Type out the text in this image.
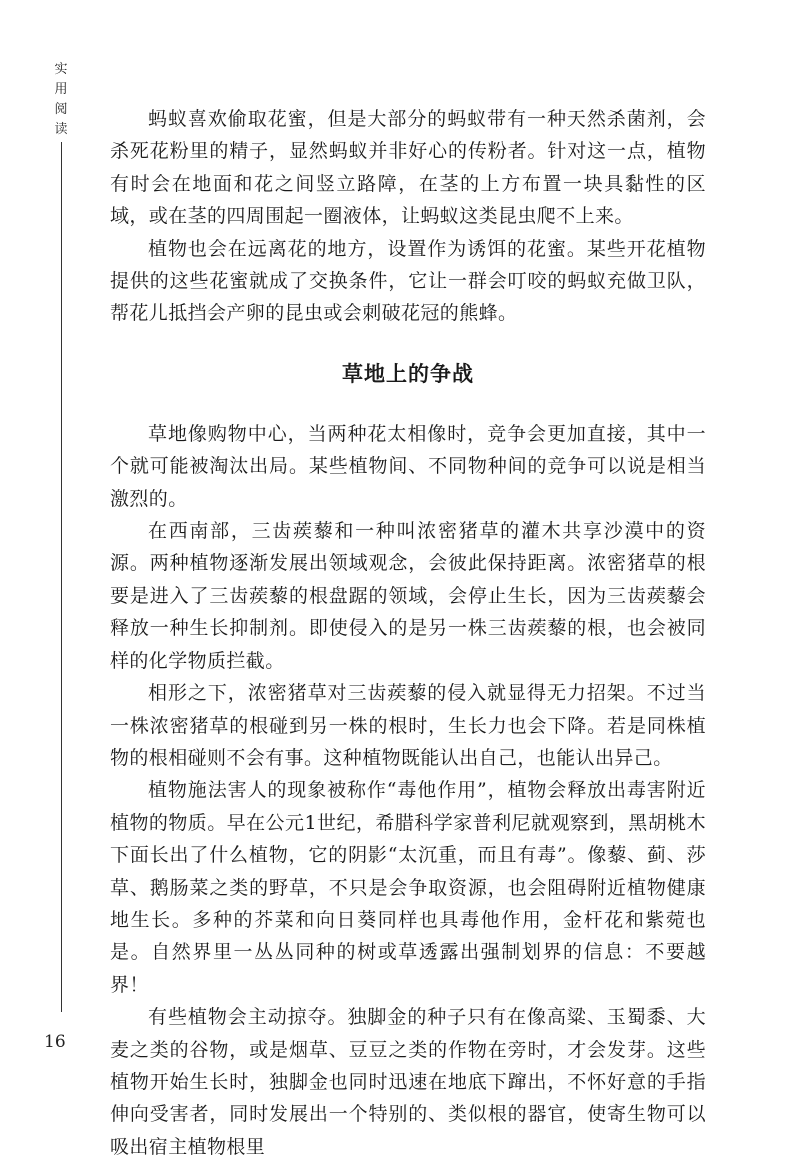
实
用
阅
读	蚂蚁喜欢偷取花蜜，但是大部分的蚂蚁带有一种天然杀菌剂，会杀死花粉里的精子，显然蚂蚁并非好心的传粉者。针对这一点，植物有时会在地面和花之间竖立路障，在茎的上方布置一块具黏性的区域，或在茎的四周围起一圈液体，让蚂蚁这类昆虫爬不上来。

植物也会在远离花的地方，设置作为诱饵的花蜜。某些开花植物提供的这些花蜜就成了交换条件，它让一群会叮咬的蚂蚁充做卫队，帮花儿抵挡会产卵的昆虫或会刺破花冠的熊蜂。

草地上的争战

草地像购物中心，当两种花太相像时，竞争会更加直接，其中一个就可能被淘汰出局。某些植物间、不同物种间的竞争可以说是相当激烈的。

在西南部，三齿蒺藜和一种叫浓密猪草的灌木共享沙漠中的资源。两种植物逐渐发展出领域观念，会彼此保持距离。浓密猪草的根要是进入了三齿蒺藜的根盘踞的领域，会停止生长，因为三齿蒺藜会释放一种生长抑制剂。即使侵入的是另一株三齿蒺藜的根，也会被同样的化学物质拦截。

相形之下，浓密猪草对三齿蒺藜的侵入就显得无力招架。不过当一株浓密猪草的根碰到另一株的根时，生长力也会下降。若是同株植物的根相碰则不会有事。这种植物既能认出自己，也能认出异己。

植物施法害人的现象被称作“毒他作用”，植物会释放出毒害附近植物的物质。早在公元1世纪，希腊科学家普利尼就观察到，黑胡桃木下面长出了什么植物，它的阴影“太沉重，而且有毒”。像藜、蓟、莎草、鹅肠菜之类的野草，不只是会争取资源，也会阻碍附近植物健康地生长。多种的芥菜和向日葵同样也具毒他作用，金杆花和紫菀也是。自然界里一丛丛同种的树或草透露出强制划界的信息：不要越界！

有些植物会主动掠夺。独脚金的种子只有在像高粱、玉蜀黍、大麦之类的谷物，或是烟草、豆豆之类的作物在旁时，才会发芽。这些植物开始生长时，独脚金也同时迅速在地底下蹿出，不怀好意的手指伸向受害者，同时发展出一个特别的、类似根的器官，使寄生物可以吸出宿主植物根里

16
